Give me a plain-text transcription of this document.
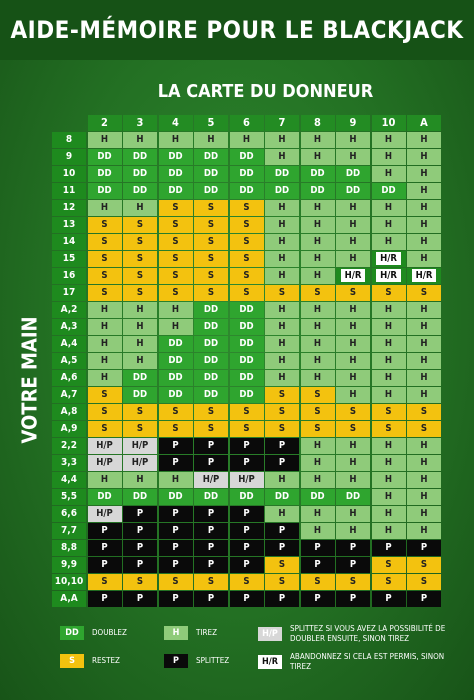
AIDE-MÉMOIRE POUR LE BLACKJACK
LA CARTE DU DONNEUR
VOTRE MAIN
2	3	4	5	6	7	8	9	10	A
8	H	H	H	H	H	H	H	H	H	H
9	DD	DD	DD	DD	DD	H	H	H	H	H
10	DD	DD	DD	DD	DD	DD	DD	DD	H	H
11	DD	DD	DD	DD	DD	DD	DD	DD	DD	H
12	H	H	S	S	S	H	H	H	H	H
13	S	S	S	S	S	H	H	H	H	H
14	S	S	S	S	S	H	H	H	H	H
15	S	S	S	S	S	H	H	H	H/R	H
16	S	S	S	S	S	H	H	H/R	H/R	H/R
17	S	S	S	S	S	S	S	S	S	S
A,2	H	H	H	DD	DD	H	H	H	H	H
A,3	H	H	H	DD	DD	H	H	H	H	H
A,4	H	H	DD	DD	DD	H	H	H	H	H
A,5	H	H	DD	DD	DD	H	H	H	H	H
A,6	H	DD	DD	DD	DD	H	H	H	H	H
A,7	S	DD	DD	DD	DD	S	S	H	H	H
A,8	S	S	S	S	S	S	S	S	S	S
A,9	S	S	S	S	S	S	S	S	S	S
2,2	H/P	H/P	P	P	P	P	H	H	H	H
3,3	H/P	H/P	P	P	P	P	H	H	H	H
4,4	H	H	H	H/P	H/P	H	H	H	H	H
5,5	DD	DD	DD	DD	DD	DD	DD	DD	H	H
6,6	H/P	P	P	P	P	H	H	H	H	H
7,7	P	P	P	P	P	P	H	H	H	H
8,8	P	P	P	P	P	P	P	P	P	P
9,9	P	P	P	P	P	S	P	P	S	S
10,10	S	S	S	S	S	S	S	S	S	S
A,A	P	P	P	P	P	P	P	P	P	P
DD	DOUBLEZ	H	TIREZ	H/P
SPLITTEZ SI VOUS AVEZ LA POSSIBILITÉ DE DOUBLER ENSUITE, SINON TIREZ
S	RESTEZ	P	SPLITTEZ	H/R
ABANDONNEZ SI CELA EST PERMIS, SINON TIREZ
